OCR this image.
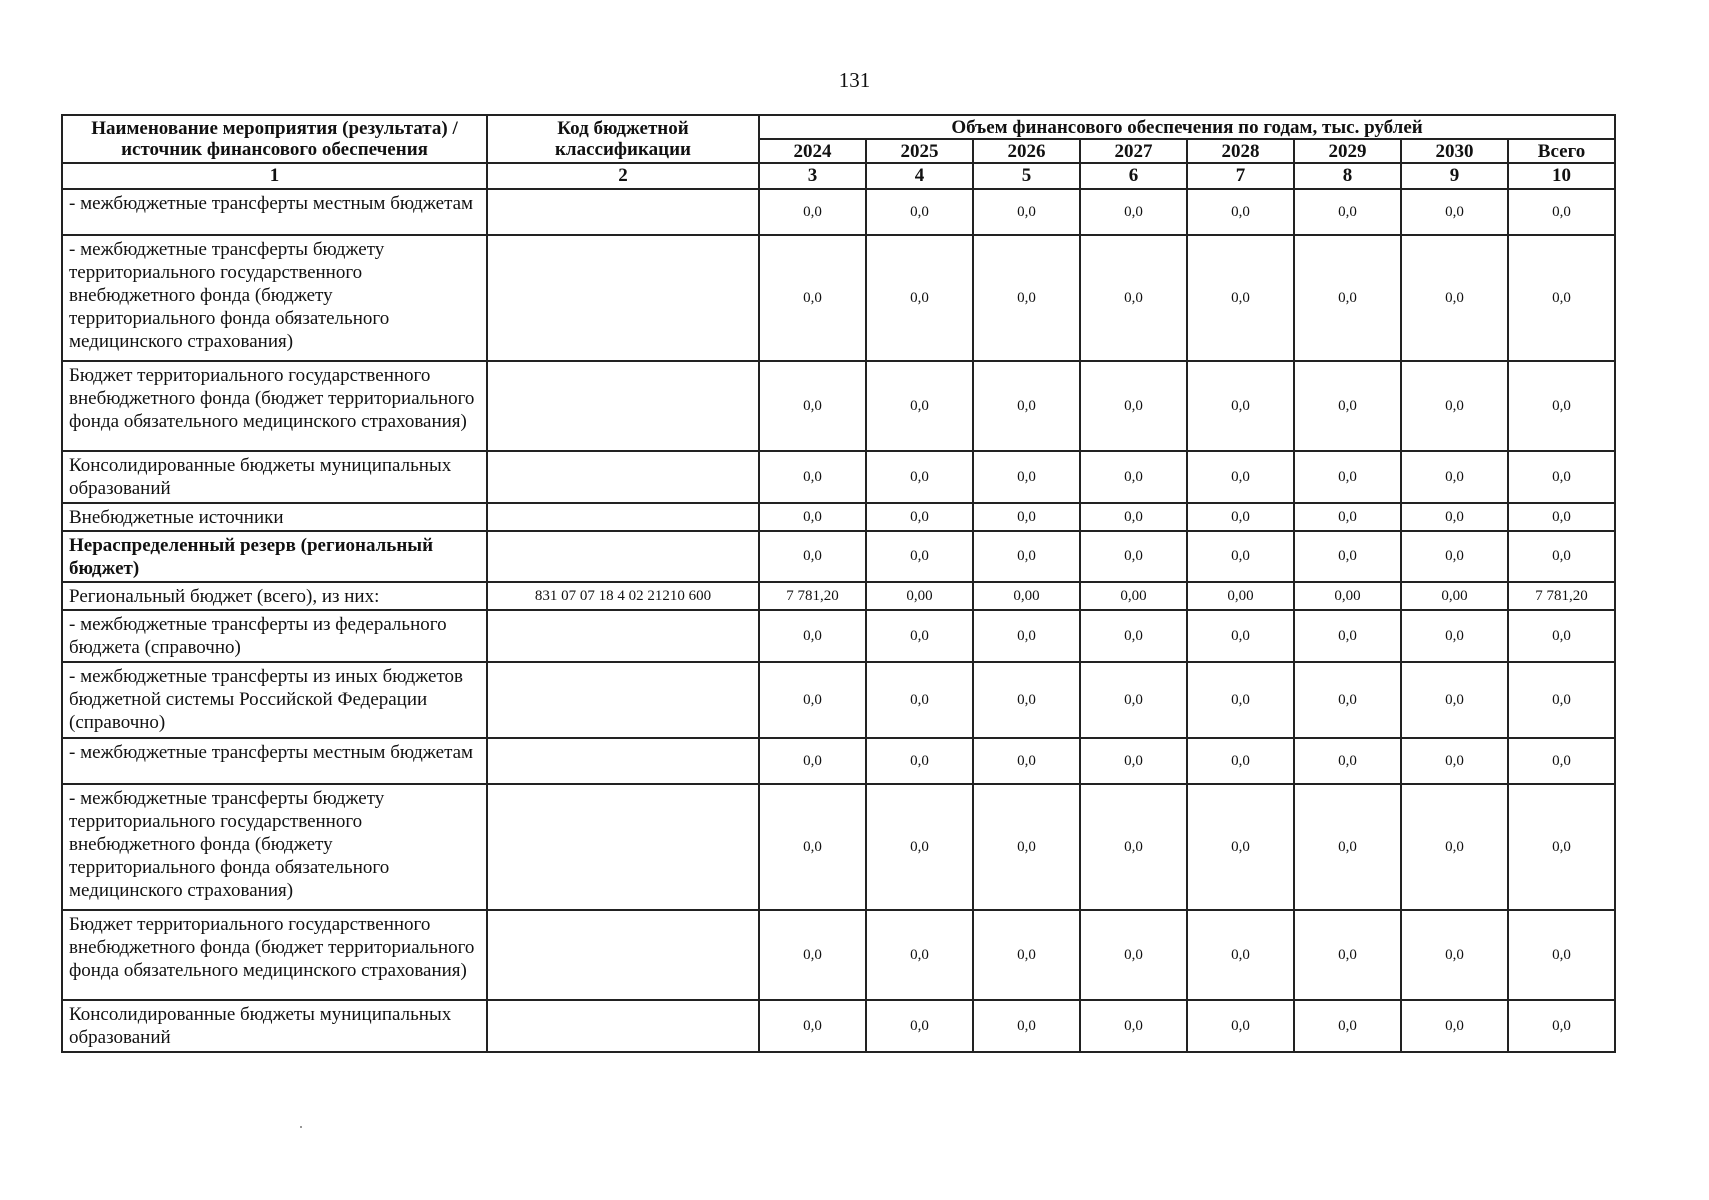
131
Наименование мероприятия (результата) /источник финансового обеспечения	Код бюджетной классификации	Объем финансового обеспечения по годам, тыс. рублей							
		2024	2025	2026	2027	2028	2029	2030	Всего
1	2	3	4	5	6	7	8	9	10
- межбюджетные трансферты местным бюджетам		0,0	0,0	0,0	0,0	0,0	0,0	0,0	0,0
- межбюджетные трансферты бюджету территориального государственного внебюджетного фонда (бюджету территориального фонда обязательного медицинского страхования)		0,0	0,0	0,0	0,0	0,0	0,0	0,0	0,0
Бюджет территориального государственного внебюджетного фонда (бюджет территориального фонда обязательного медицинского страхования)		0,0	0,0	0,0	0,0	0,0	0,0	0,0	0,0
Консолидированные бюджеты муниципальных образований		0,0	0,0	0,0	0,0	0,0	0,0	0,0	0,0
Внебюджетные источники		0,0	0,0	0,0	0,0	0,0	0,0	0,0	0,0
Нераспределенный резерв (региональный бюджет)		0,0	0,0	0,0	0,0	0,0	0,0	0,0	0,0
Региональный бюджет (всего), из них:	831 07 07 18 4 02 21210 600	7 781,20	0,00	0,00	0,00	0,00	0,00	0,00	7 781,20
- межбюджетные трансферты из федерального бюджета (справочно)		0,0	0,0	0,0	0,0	0,0	0,0	0,0	0,0
- межбюджетные трансферты из иных бюджетов бюджетной системы Российской Федерации (справочно)		0,0	0,0	0,0	0,0	0,0	0,0	0,0	0,0
- межбюджетные трансферты местным бюджетам		0,0	0,0	0,0	0,0	0,0	0,0	0,0	0,0
- межбюджетные трансферты бюджету территориального государственного внебюджетного фонда (бюджету территориального фонда обязательного медицинского страхования)		0,0	0,0	0,0	0,0	0,0	0,0	0,0	0,0
Бюджет территориального государственного внебюджетного фонда (бюджет территориального фонда обязательного медицинского страхования)		0,0	0,0	0,0	0,0	0,0	0,0	0,0	0,0
Консолидированные бюджеты муниципальных образований		0,0	0,0	0,0	0,0	0,0	0,0	0,0	0,0
